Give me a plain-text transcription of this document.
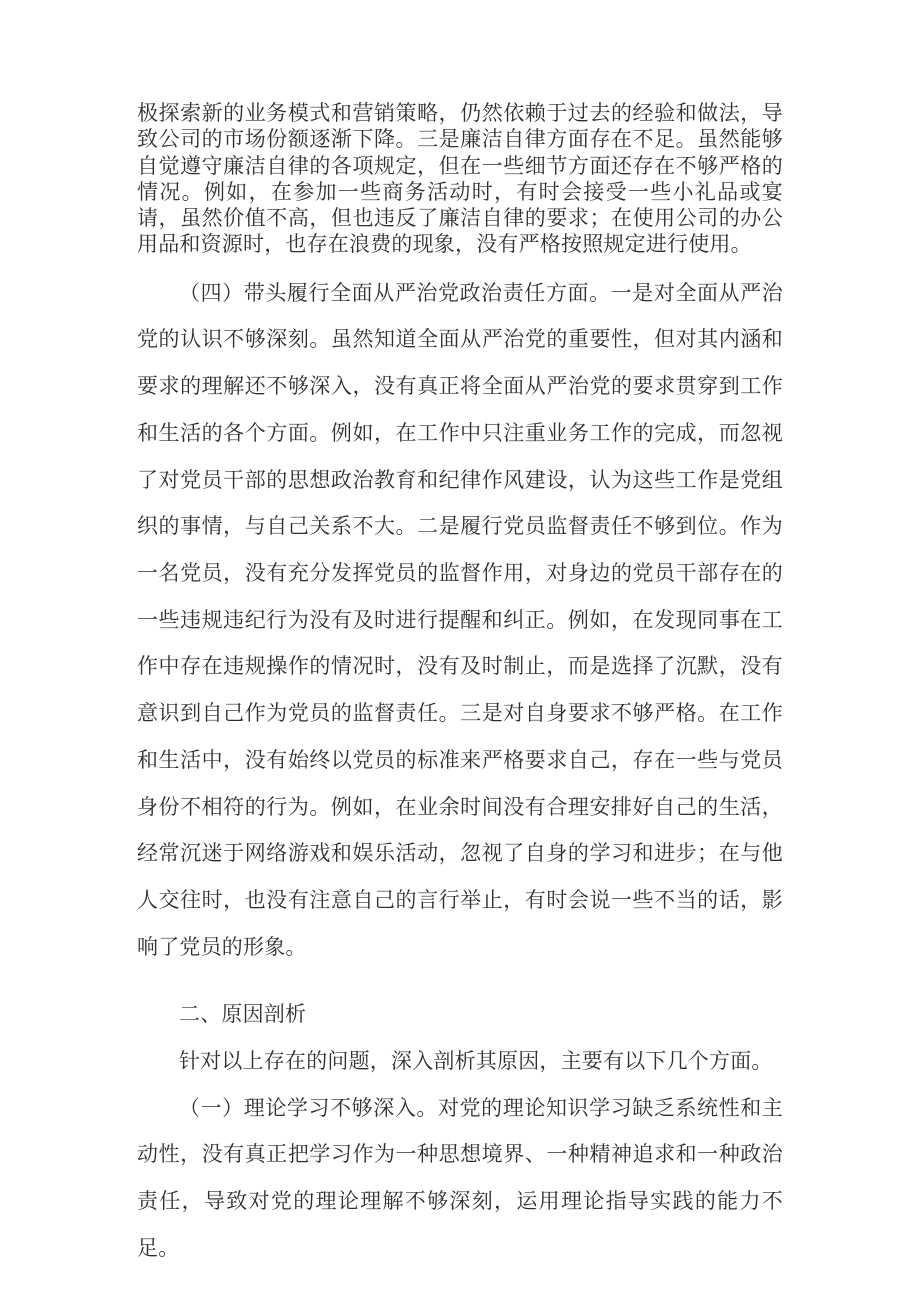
极探索新的业务模式和营销策略，仍然依赖于过去的经验和做法，导致公司的市场份额逐渐下降。三是廉洁自律方面存在不足。虽然能够自觉遵守廉洁自律的各项规定，但在一些细节方面还存在不够严格的情况。例如，在参加一些商务活动时，有时会接受一些小礼品或宴请，虽然价值不高，但也违反了廉洁自律的要求；在使用公司的办公用品和资源时，也存在浪费的现象，没有严格按照规定进行使用。

（四）带头履行全面从严治党政治责任方面。一是对全面从严治党的认识不够深刻。虽然知道全面从严治党的重要性，但对其内涵和要求的理解还不够深入，没有真正将全面从严治党的要求贯穿到工作和生活的各个方面。例如，在工作中只注重业务工作的完成，而忽视了对党员干部的思想政治教育和纪律作风建设，认为这些工作是党组织的事情，与自己关系不大。二是履行党员监督责任不够到位。作为一名党员，没有充分发挥党员的监督作用，对身边的党员干部存在的一些违规违纪行为没有及时进行提醒和纠正。例如，在发现同事在工作中存在违规操作的情况时，没有及时制止，而是选择了沉默，没有意识到自己作为党员的监督责任。三是对自身要求不够严格。在工作和生活中，没有始终以党员的标准来严格要求自己，存在一些与党员身份不相符的行为。例如，在业余时间没有合理安排好自己的生活，经常沉迷于网络游戏和娱乐活动，忽视了自身的学习和进步；在与他人交往时，也没有注意自己的言行举止，有时会说一些不当的话，影响了党员的形象。

二、原因剖析

针对以上存在的问题，深入剖析其原因，主要有以下几个方面。

（一）理论学习不够深入。对党的理论知识学习缺乏系统性和主动性，没有真正把学习作为一种思想境界、一种精神追求和一种政治责任，导致对党的理论理解不够深刻，运用理论指导实践的能力不足。
